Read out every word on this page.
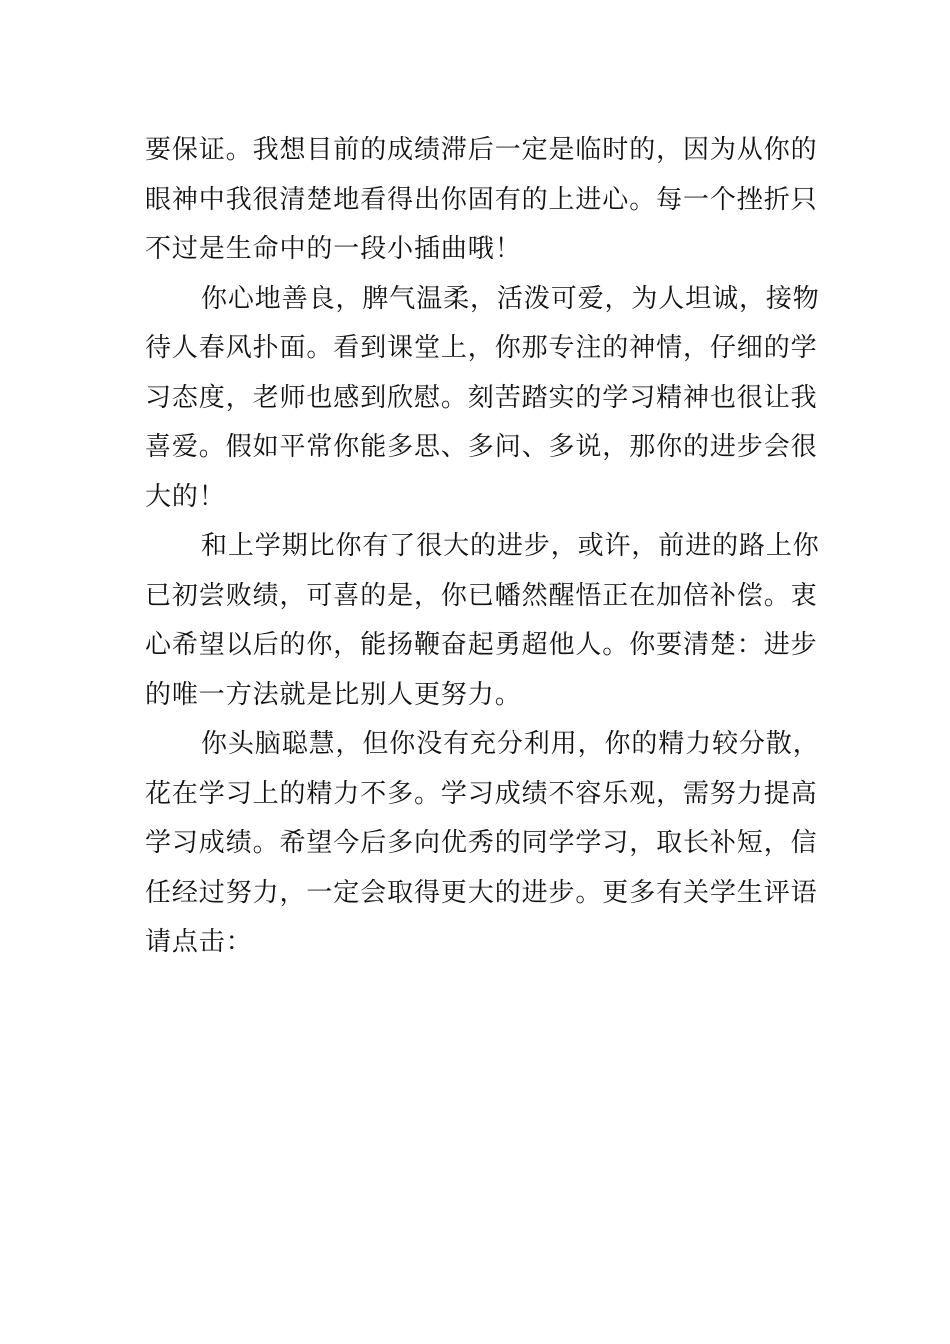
要保证。我想目前的成绩滞后一定是临时的，因为从你的
眼神中我很清楚地看得出你固有的上进心。每一个挫折只
不过是生命中的一段小插曲哦！

你心地善良，脾气温柔，活泼可爱，为人坦诚，接物
待人春风扑面。看到课堂上，你那专注的神情，仔细的学
习态度，老师也感到欣慰。刻苦踏实的学习精神也很让我
喜爱。假如平常你能多思、多问、多说，那你的进步会很
大的！

和上学期比你有了很大的进步，或许，前进的路上你
已初尝败绩，可喜的是，你已幡然醒悟正在加倍补偿。衷
心希望以后的你，能扬鞭奋起勇超他人。你要清楚：进步
的唯一方法就是比别人更努力。

你头脑聪慧，但你没有充分利用，你的精力较分散，
花在学习上的精力不多。学习成绩不容乐观，需努力提高
学习成绩。希望今后多向优秀的同学学习，取长补短，信
任经过努力，一定会取得更大的进步。更多有关学生评语
请点击：
